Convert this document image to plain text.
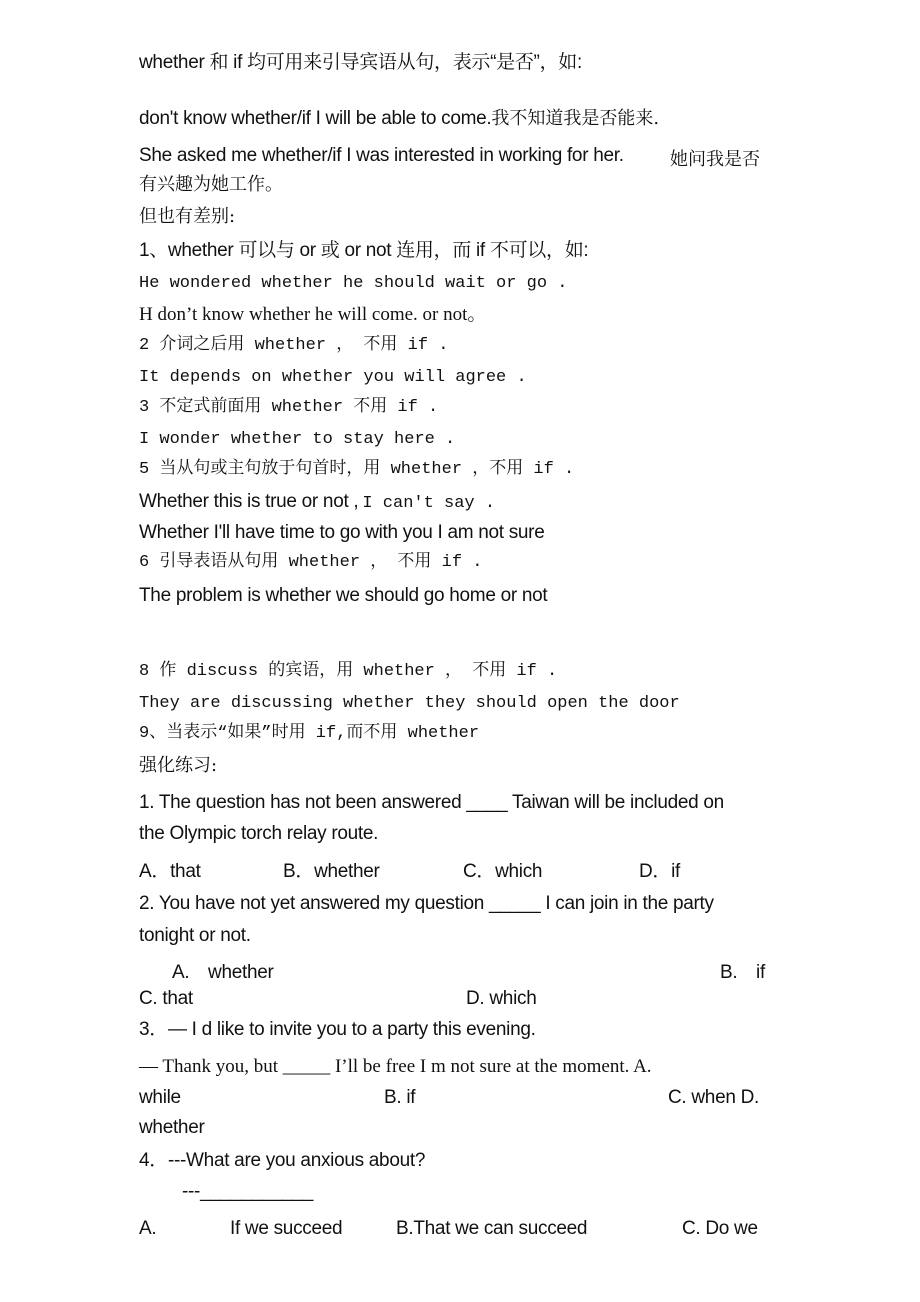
whether 和 if 均可用来引导宾语从句，表示“是否”，如:
don't know whether/if I will be able to come.我不知道我是否能来.
She asked me whether/if I was interested in working for her.	她问我是否
有兴趣为她工作。
但也有差别:
1、whether 可以与 or 或 or not 连用，而 if 不可以，如:
He wondered whether he should wait or go .
H don’t know whether he will come. or not。
2 介词之后用 whether ， 不用 if .
It depends on whether you will agree .
3 不定式前面用 whether 不用 if .
I wonder whether to stay here .
5 当从句或主句放于句首时，用 whether ，不用 if .
Whether this is true or not , I can't say .
Whether I'll have time to go with you I am not sure
6 引导表语从句用 whether ， 不用 if .
The problem is whether we should go home or not
8 作 discuss 的宾语，用 whether ， 不用 if .
They are discussing whether they should open the door
9、当表示“如果”时用 if,而不用 whether
强化练习:
1. The question has not been answered ____ Taiwan will be included on
the Olympic torch relay route.
A．that	B．whether	C．which	D．if
2. You have not yet answered my question _____ I can join in the party
tonight or not.
A.　whether	B.　if
C. that	D. which
3．— I d like to invite you to a party this evening.
— Thank you, but _____ I’ll be free I m not sure at the moment. A.
while	B. if	C. when D.
whether
4．---What are you anxious about?
---___________
A.	If we succeed	B.That we can succeed	C. Do we
